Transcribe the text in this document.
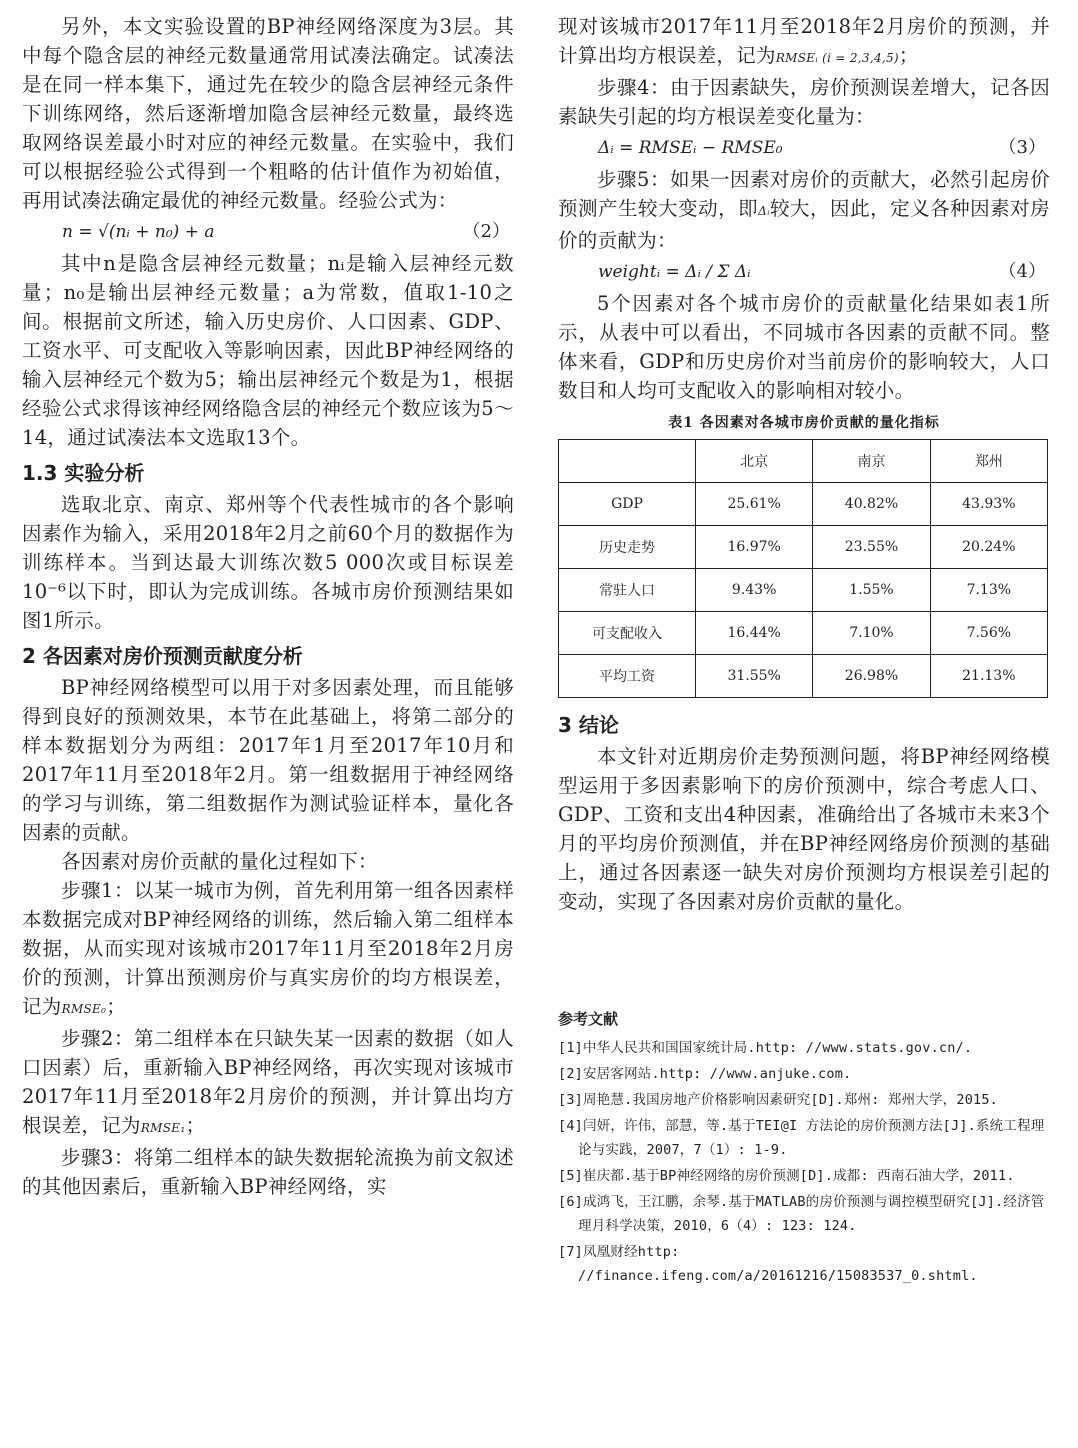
另外，本文实验设置的BP神经网络深度为3层。其中每个隐含层的神经元数量通常用试凑法确定。试凑法是在同一样本集下，通过先在较少的隐含层神经元条件下训练网络，然后逐渐增加隐含层神经元数量，最终选取网络误差最小时对应的神经元数量。在实验中，我们可以根据经验公式得到一个粗略的估计值作为初始值，再用试凑法确定最优的神经元数量。经验公式为：

n = √(nᵢ + n₀) + a	（2）

其中n是隐含层神经元数量；nᵢ是输入层神经元数量；n₀是输出层神经元数量；a为常数，值取1-10之间。根据前文所述，输入历史房价、人口因素、GDP、工资水平、可支配收入等影响因素，因此BP神经网络的输入层神经元个数为5；输出层神经元个数是为1，根据经验公式求得该神经网络隐含层的神经元个数应该为5～14，通过试凑法本文选取13个。

1.3 实验分析

选取北京、南京、郑州等个代表性城市的各个影响因素作为输入，采用2018年2月之前60个月的数据作为训练样本。当到达最大训练次数5 000次或目标误差10⁻⁶以下时，即认为完成训练。各城市房价预测结果如图1所示。

2 各因素对房价预测贡献度分析

BP神经网络模型可以用于对多因素处理，而且能够得到良好的预测效果，本节在此基础上，将第二部分的样本数据划分为两组：2017年1月至2017年10月和2017年11月至2018年2月。第一组数据用于神经网络的学习与训练，第二组数据作为测试验证样本，量化各因素的贡献。

各因素对房价贡献的量化过程如下：

步骤1：以某一城市为例，首先利用第一组各因素样本数据完成对BP神经网络的训练，然后输入第二组样本数据，从而实现对该城市2017年11月至2018年2月房价的预测，计算出预测房价与真实房价的均方根误差，记为RMSE₀；

步骤2：第二组样本在只缺失某一因素的数据（如人口因素）后，重新输入BP神经网络，再次实现对该城市2017年11月至2018年2月房价的预测，并计算出均方根误差，记为RMSE₁；

步骤3：将第二组样本的缺失数据轮流换为前文叙述的其他因素后，重新输入BP神经网络，实

现对该城市2017年11月至2018年2月房价的预测，并计算出均方根误差，记为RMSEᵢ (i = 2,3,4,5)；

步骤4：由于因素缺失，房价预测误差增大，记各因素缺失引起的均方根误差变化量为：

Δᵢ = RMSEᵢ − RMSE₀	（3）

步骤5：如果一因素对房价的贡献大，必然引起房价预测产生较大变动，即Δᵢ较大，因此，定义各种因素对房价的贡献为：

weightᵢ = Δᵢ / Σ Δᵢ	（4）

5个因素对各个城市房价的贡献量化结果如表1所示，从表中可以看出，不同城市各因素的贡献不同。整体来看，GDP和历史房价对当前房价的影响较大，人口数目和人均可支配收入的影响相对较小。

表1 各因素对各城市房价贡献的量化指标
	北京	南京	郑州
GDP	25.61%	40.82%	43.93%
历史走势	16.97%	23.55%	20.24%
常驻人口	9.43%	1.55%	7.13%
可支配收入	16.44%	7.10%	7.56%
平均工资	31.55%	26.98%	21.13%
3 结论

本文针对近期房价走势预测问题，将BP神经网络模型运用于多因素影响下的房价预测中，综合考虑人口、GDP、工资和支出4种因素，准确给出了各城市未来3个月的平均房价预测值，并在BP神经网络房价预测的基础上，通过各因素逐一缺失对房价预测均方根误差引起的变动，实现了各因素对房价贡献的量化。

参考文献
[1]中华人民共和国国家统计局.http: //www.stats.gov.cn/.
[2]安居客网站.http: //www.anjuke.com.
[3]周艳慧.我国房地产价格影响因素研究[D].郑州: 郑州大学，2015.
[4]闫妍，许伟，部慧，等.基于TEI@I 方法论的房价预测方法[J].系统工程理论与实践，2007，7（1）: 1-9.
[5]崔庆都.基于BP神经网络的房价预测[D].成都: 西南石油大学，2011.
[6]成鸿飞，王江鹏，余琴.基于MATLAB的房价预测与调控模型研究[J].经济管理月科学决策，2010，6（4）: 123: 124.
[7]凤凰财经http: //finance.ifeng.com/a/20161216/15083537_0.shtml.
